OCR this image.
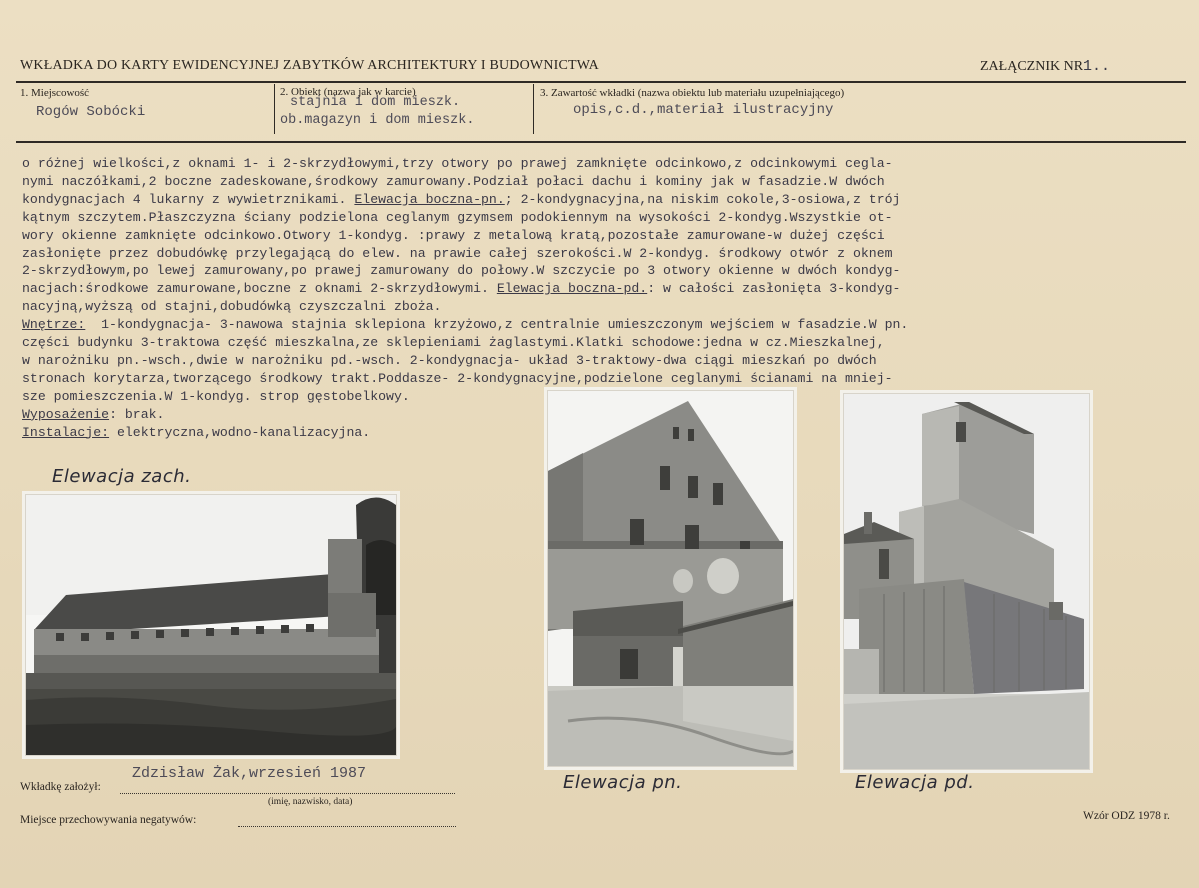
WKŁADKA DO KARTY EWIDENCYJNEJ ZABYTKÓW ARCHITEKTURY I BUDOWNICTWA	ZAŁĄCZNIK NR1..
1. Miejscowość
Rogów Sobócki
2. Obiekt (nazwa jak w karcie)
stajnia i dom mieszk.
ob.magazyn i dom mieszk.
3. Zawartość wkładki (nazwa obiektu lub materiału uzupełniającego)
opis,c.d.,materiał ilustracyjny
o różnej wielkości,z oknami 1- i 2-skrzydłowymi,trzy otwory po prawej zamknięte odcinkowo,z odcinkowymi cegla-
nymi naczółkami,2 boczne zadeskowane,środkowy zamurowany.Podział połaci dachu i kominy jak w fasadzie.W dwóch
kondygnacjach 4 lukarny z wywietrznikami. Elewacja boczna-pn.; 2-kondygnacyjna,na niskim cokole,3-osiowa,z trój
kątnym szczytem.Płaszczyzna ściany podzielona ceglanym gzymsem podokiennym na wysokości 2-kondyg.Wszystkie ot-
wory okienne zamknięte odcinkowo.Otwory 1-kondyg. :prawy z metalową kratą,pozostałe zamurowane-w dużej części
zasłonięte przez dobudówkę przylegającą do elew. na prawie całej szerokości.W 2-kondyg. środkowy otwór z oknem
2-skrzydłowym,po lewej zamurowany,po prawej zamurowany do połowy.W szczycie po 3 otwory okienne w dwóch kondyg-
nacjach:środkowe zamurowane,boczne z oknami 2-skrzydłowymi. Elewacja boczna-pd.: w całości zasłonięta 3-kondyg-
nacyjną,wyższą od stajni,dobudówką czyszczalni zboża.
Wnętrze:  1-kondygnacja- 3-nawowa stajnia sklepiona krzyżowo,z centralnie umieszczonym wejściem w fasadzie.W pn.
części budynku 3-traktowa część mieszkalna,ze sklepieniami żaglastymi.Klatki schodowe:jedna w cz.Mieszkalnej,
w narożniku pn.-wsch.,dwie w narożniku pd.-wsch. 2-kondygnacja- układ 3-traktowy-dwa ciągi mieszkań po dwóch
stronach korytarza,tworzącego środkowy trakt.Poddasze- 2-kondygnacyjne,podzielone ceglanymi ścianami na mniej-
sze pomieszczenia.W 1-kondyg. strop gęstobelkowy.
Wyposażenie: brak.
Instalacje: elektryczna,wodno-kanalizacyjna.
Elewacja zach.
Elewacja pn.	Elewacja pd.
Wkładkę założył:
Zdzisław Żak,wrzesień 1987
(imię, nazwisko, data)
Miejsce przechowywania negatywów:	Wzór ODZ 1978 r.
